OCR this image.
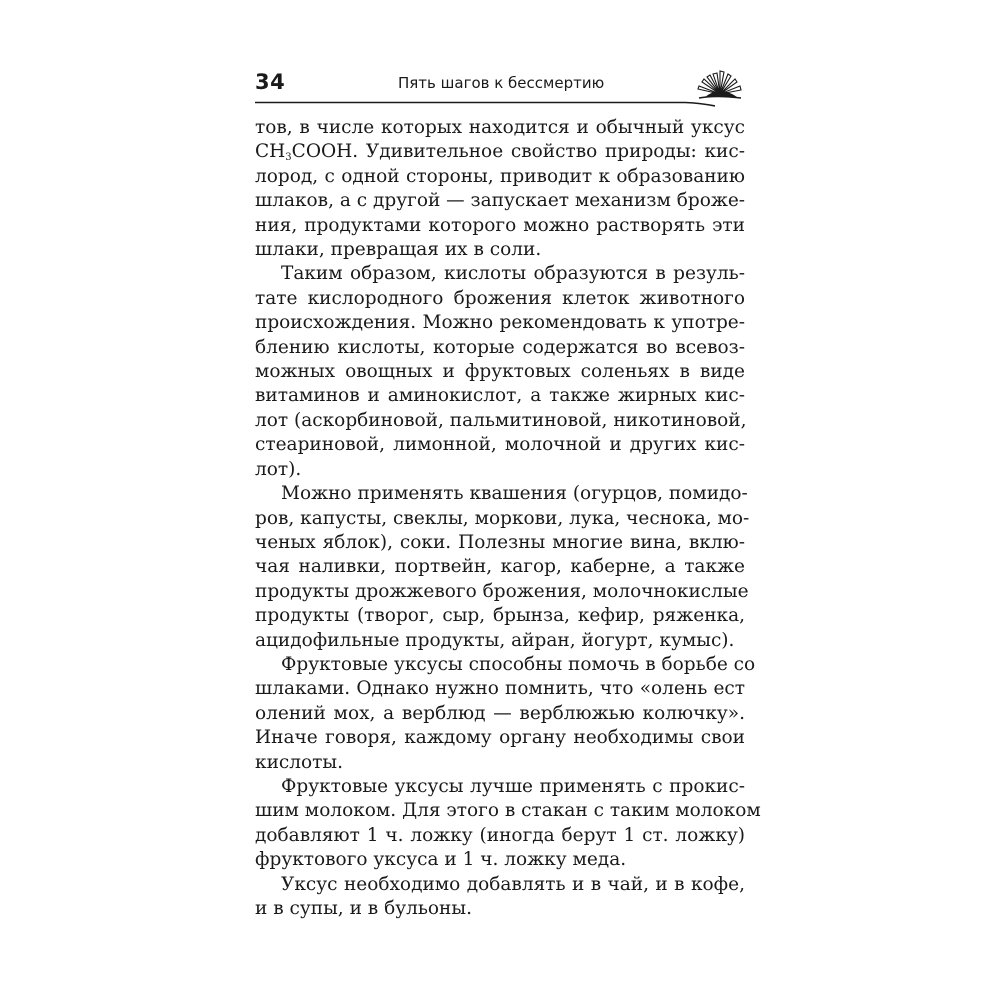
34	Пять шагов к бессмертию

тов, в числе которых находится и обычный уксус
$CH_3COOH$. Удивительное свойство природы: кис-
лород, с одной стороны, приводит к образованию
шлаков, а с другой — запускает механизм броже-
ния, продуктами которого можно растворять эти
шлаки, превращая их в соли.

Таким образом, кислоты образуются в резуль-
тате кислородного брожения клеток животного
происхождения. Можно рекомендовать к употре-
блению кислоты, которые содержатся во всевоз-
можных овощных и фруктовых соленьях в виде
витаминов и аминокислот, а также жирных кис-
лот (аскорбиновой, пальмитиновой, никотиновой,
стеариновой, лимонной, молочной и других кис-
лот).

Можно применять квашения (огурцов, помидо-
ров, капусты, свеклы, моркови, лука, чеснока, мо-
ченых яблок), соки. Полезны многие вина, вклю-
чая наливки, портвейн, кагор, каберне, а также
продукты дрожжевого брожения, молочнокислые
продукты (творог, сыр, брынза, кефир, ряженка,
ацидофильные продукты, айран, йогурт, кумыс).

Фруктовые уксусы способны помочь в борьбе со
шлаками. Однако нужно помнить, что «олень ест
олений мох, а верблюд — верблюжью колючку».
Иначе говоря, каждому органу необходимы свои
кислоты.

Фруктовые уксусы лучше применять с прокис-
шим молоком. Для этого в стакан с таким молоком
добавляют 1 ч. ложку (иногда берут 1 ст. ложку)
фруктового уксуса и 1 ч. ложку меда.

Уксус необходимо добавлять и в чай, и в кофе,
и в супы, и в бульоны.
